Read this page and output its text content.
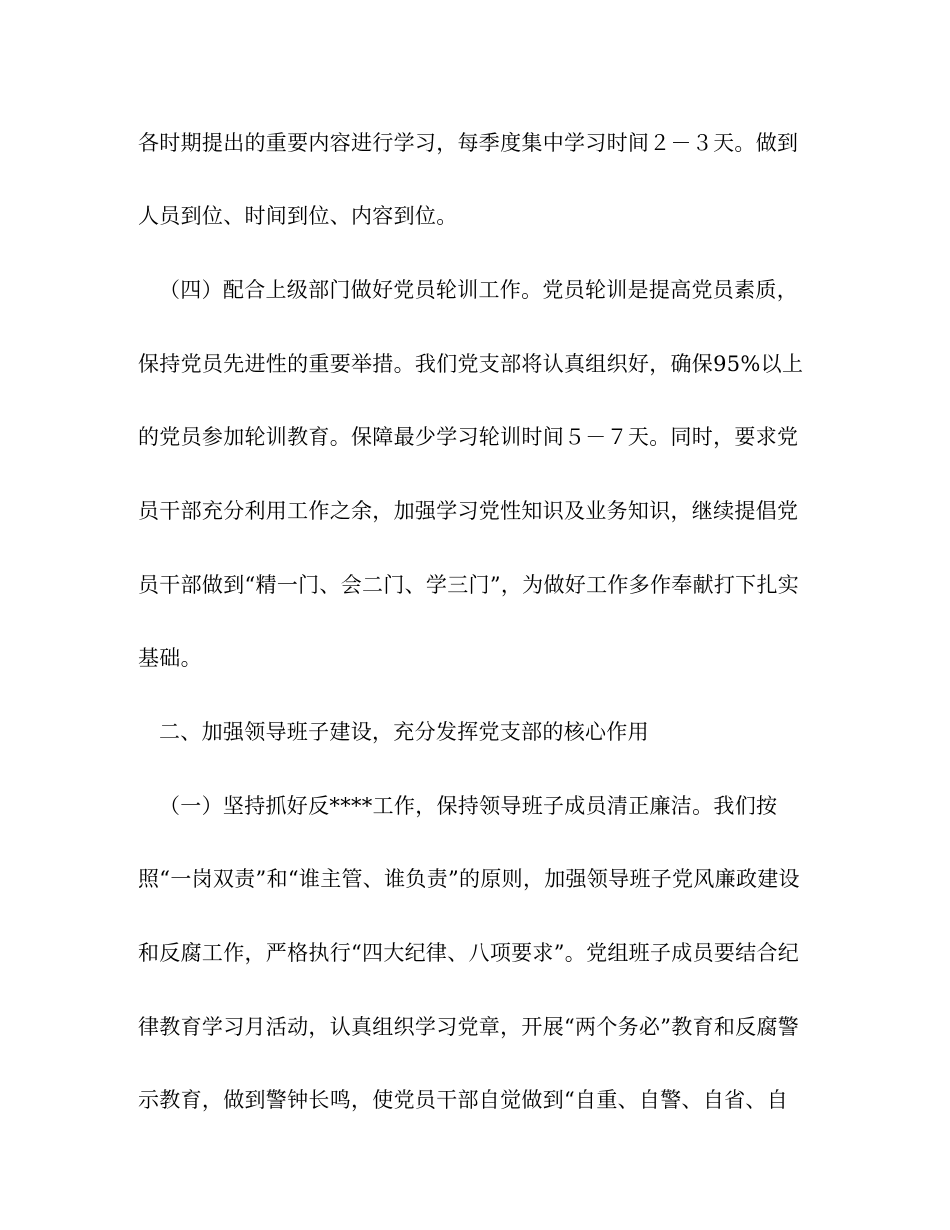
各时期提出的重要内容进行学习，每季度集中学习时间２－３天。做到
人员到位、时间到位、内容到位。
（四）配合上级部门做好党员轮训工作。党员轮训是提高党员素质，
保持党员先进性的重要举措。我们党支部将认真组织好，确保95%以上
的党员参加轮训教育。保障最少学习轮训时间５－７天。同时，要求党
员干部充分利用工作之余，加强学习党性知识及业务知识，继续提倡党
员干部做到“精一门、会二门、学三门”，为做好工作多作奉献打下扎实
基础。
二、加强领导班子建设，充分发挥党支部的核心作用
（一）坚持抓好反****工作，保持领导班子成员清正廉洁。我们按
照“一岗双责”和“谁主管、谁负责”的原则，加强领导班子党风廉政建设
和反腐工作，严格执行“四大纪律、八项要求”。党组班子成员要结合纪
律教育学习月活动，认真组织学习党章，开展“两个务必”教育和反腐警
示教育，做到警钟长鸣，使党员干部自觉做到“自重、自警、自省、自
